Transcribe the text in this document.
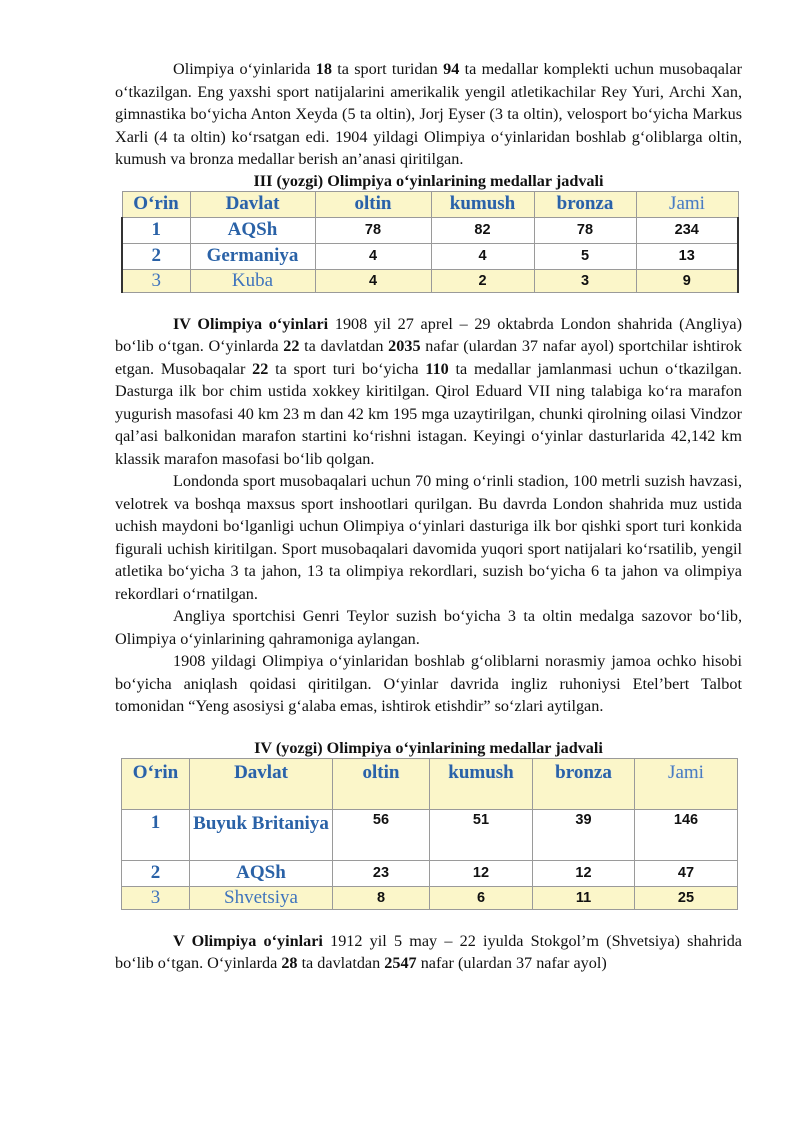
Olimpiya o‘yinlarida 18 ta sport turidan 94 ta medallar komplekti uchun musobaqalar o‘tkazilgan. Eng yaxshi sport natijalarini amerikalik yengil atletikachilar Rey Yuri, Archi Xan, gimnastika bo‘yicha Anton Xeyda (5 ta oltin), Jorj Eyser (3 ta oltin), velosport bo‘yicha Markus Xarli (4 ta oltin) ko‘rsatgan edi. 1904 yildagi Olimpiya o‘yinlaridan boshlab g‘oliblarga oltin, kumush va bronza medallar berish an’anasi qiritilgan.

III (yozgi) Olimpiya o‘yinlarining medallar jadvali
O‘rin	Davlat	oltin	kumush	bronza	Jami
1	AQSh	78	82	78	234
2	Germaniya	4	4	5	13
3	Kuba	4	2	3	9

IV Olimpiya o‘yinlari 1908 yil 27 aprel – 29 oktabrda London shahrida (Angliya) bo‘lib o‘tgan. O‘yinlarda 22 ta davlatdan 2035 nafar (ulardan 37 nafar ayol) sportchilar ishtirok etgan. Musobaqalar 22 ta sport turi bo‘yicha 110 ta medallar jamlanmasi uchun o‘tkazilgan. Dasturga ilk bor chim ustida xokkey kiritilgan. Qirol Eduard VII ning talabiga ko‘ra marafon yugurish masofasi 40 km 23 m dan 42 km 195 mga uzaytirilgan, chunki qirolning oilasi Vindzor qal’asi balkonidan marafon startini ko‘rishni istagan. Keyingi o‘yinlar dasturlarida 42,142 km klassik marafon masofasi bo‘lib qolgan.

Londonda sport musobaqalari uchun 70 ming o‘rinli stadion, 100 metrli suzish havzasi, velotrek va boshqa maxsus sport inshootlari qurilgan. Bu davrda London shahrida muz ustida uchish maydoni bo‘lganligi uchun Olimpiya o‘yinlari dasturiga ilk bor qishki sport turi konkida figurali uchish kiritilgan. Sport musobaqalari davomida yuqori sport natijalari ko‘rsatilib, yengil atletika bo‘yicha 3 ta jahon, 13 ta olimpiya rekordlari, suzish bo‘yicha 6 ta jahon va olimpiya rekordlari o‘rnatilgan.

Angliya sportchisi Genri Teylor suzish bo‘yicha 3 ta oltin medalga sazovor bo‘lib, Olimpiya o‘yinlarining qahramoniga aylangan.

1908 yildagi Olimpiya o‘yinlaridan boshlab g‘oliblarni norasmiy jamoa ochko hisobi bo‘yicha aniqlash qoidasi qiritilgan. O‘yinlar davrida ingliz ruhoniysi Etel’bert Talbot tomonidan “Yeng asosiysi g‘alaba emas, ishtirok etishdir” so‘zlari aytilgan.

IV (yozgi) Olimpiya o‘yinlarining medallar jadvali
O‘rin	Davlat	oltin	kumush	bronza	Jami
1	Buyuk Britaniya	56	51	39	146
2	AQSh	23	12	12	47
3	Shvetsiya	8	6	11	25

V Olimpiya o‘yinlari 1912 yil 5 may – 22 iyulda Stokgol’m (Shvetsiya) shahrida bo‘lib o‘tgan. O‘yinlarda 28 ta davlatdan 2547 nafar (ulardan 37 nafar ayol)
